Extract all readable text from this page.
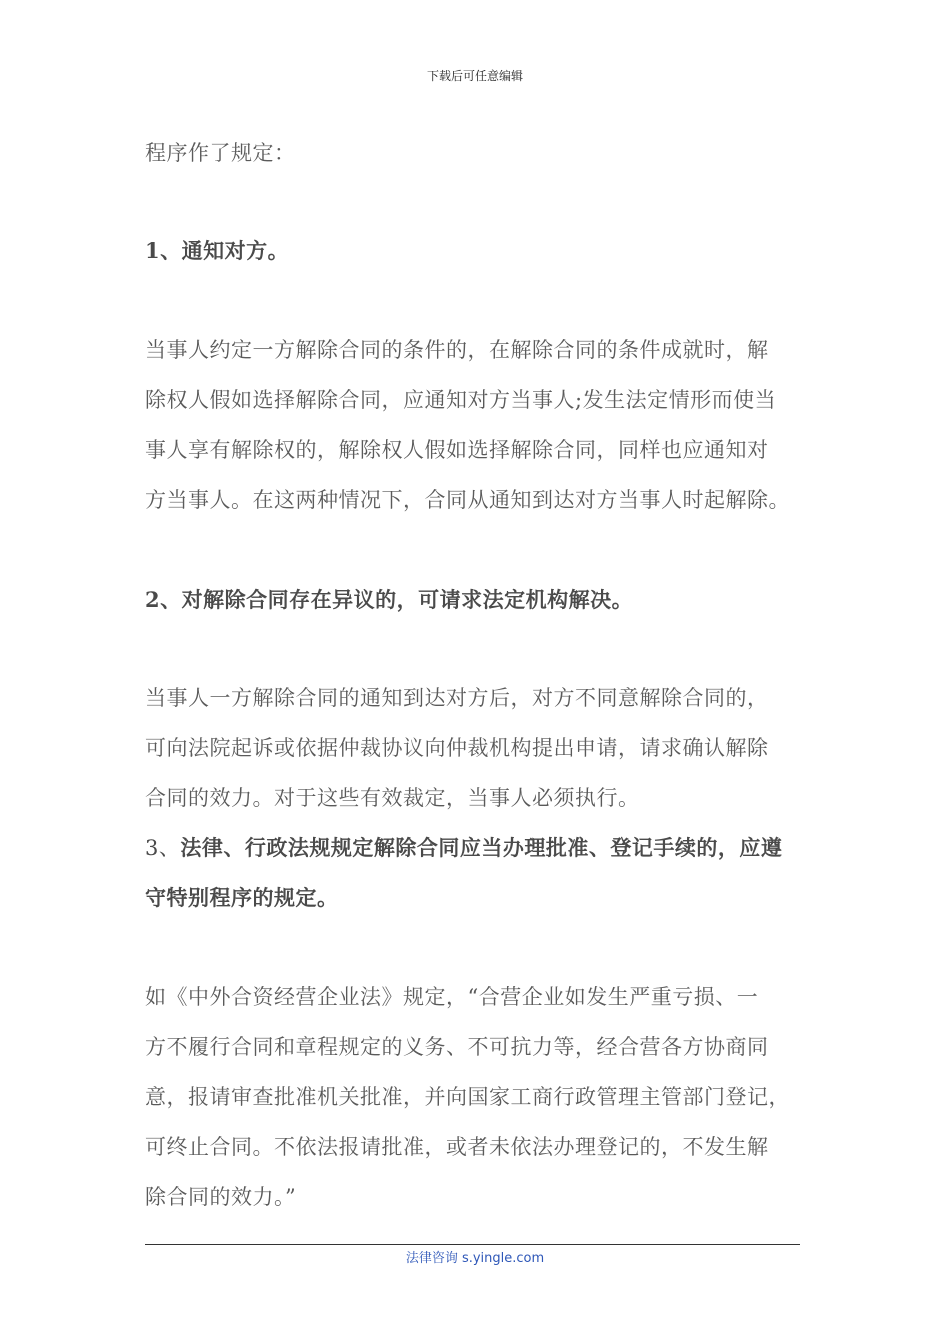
下载后可任意编辑
程序作了规定：
1、通知对方。
当事人约定一方解除合同的条件的，在解除合同的条件成就时，解
除权人假如选择解除合同，应通知对方当事人;发生法定情形而使当
事人享有解除权的，解除权人假如选择解除合同，同样也应通知对
方当事人。在这两种情况下，合同从通知到达对方当事人时起解除。
2、对解除合同存在异议的，可请求法定机构解决。
当事人一方解除合同的通知到达对方后，对方不同意解除合同的，
可向法院起诉或依据仲裁协议向仲裁机构提出申请，请求确认解除
合同的效力。对于这些有效裁定，当事人必须执行。
3、法律、行政法规规定解除合同应当办理批准、登记手续的，应遵
守特别程序的规定。
如《中外合资经营企业法》规定，“合营企业如发生严重亏损、一
方不履行合同和章程规定的义务、不可抗力等，经合营各方协商同
意，报请审查批准机关批准，并向国家工商行政管理主管部门登记，
可终止合同。不依法报请批准，或者未依法办理登记的，不发生解
除合同的效力。”
法律咨询 s.yingle.com
